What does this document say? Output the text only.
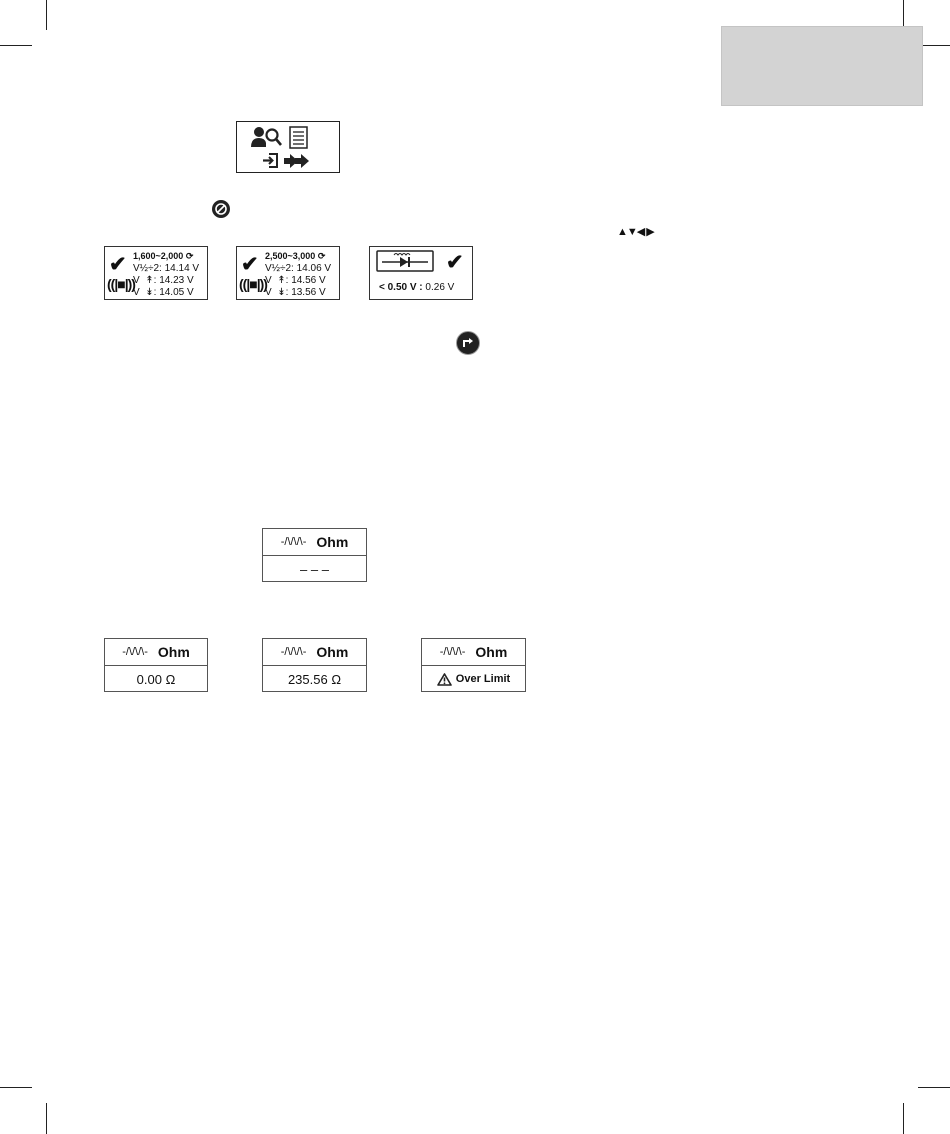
▲▼◀ ▶
✔
((|■|))
1,600~2,000 ⟳
V½÷2: 14.14 V
V ↟: 14.23 V
V ↡: 14.05 V
✔
((|■|))
2,500~3,000 ⟳
V½÷2: 14.06 V
V ↟: 14.56 V
V ↡: 13.56 V
✔
< 0.50 V : 0.26 V
-/\/\/\- Ohm
– – –
-/\/\/\- Ohm
0.00 Ω
-/\/\/\- Ohm
235.56 Ω
-/\/\/\- Ohm
Over Limit
